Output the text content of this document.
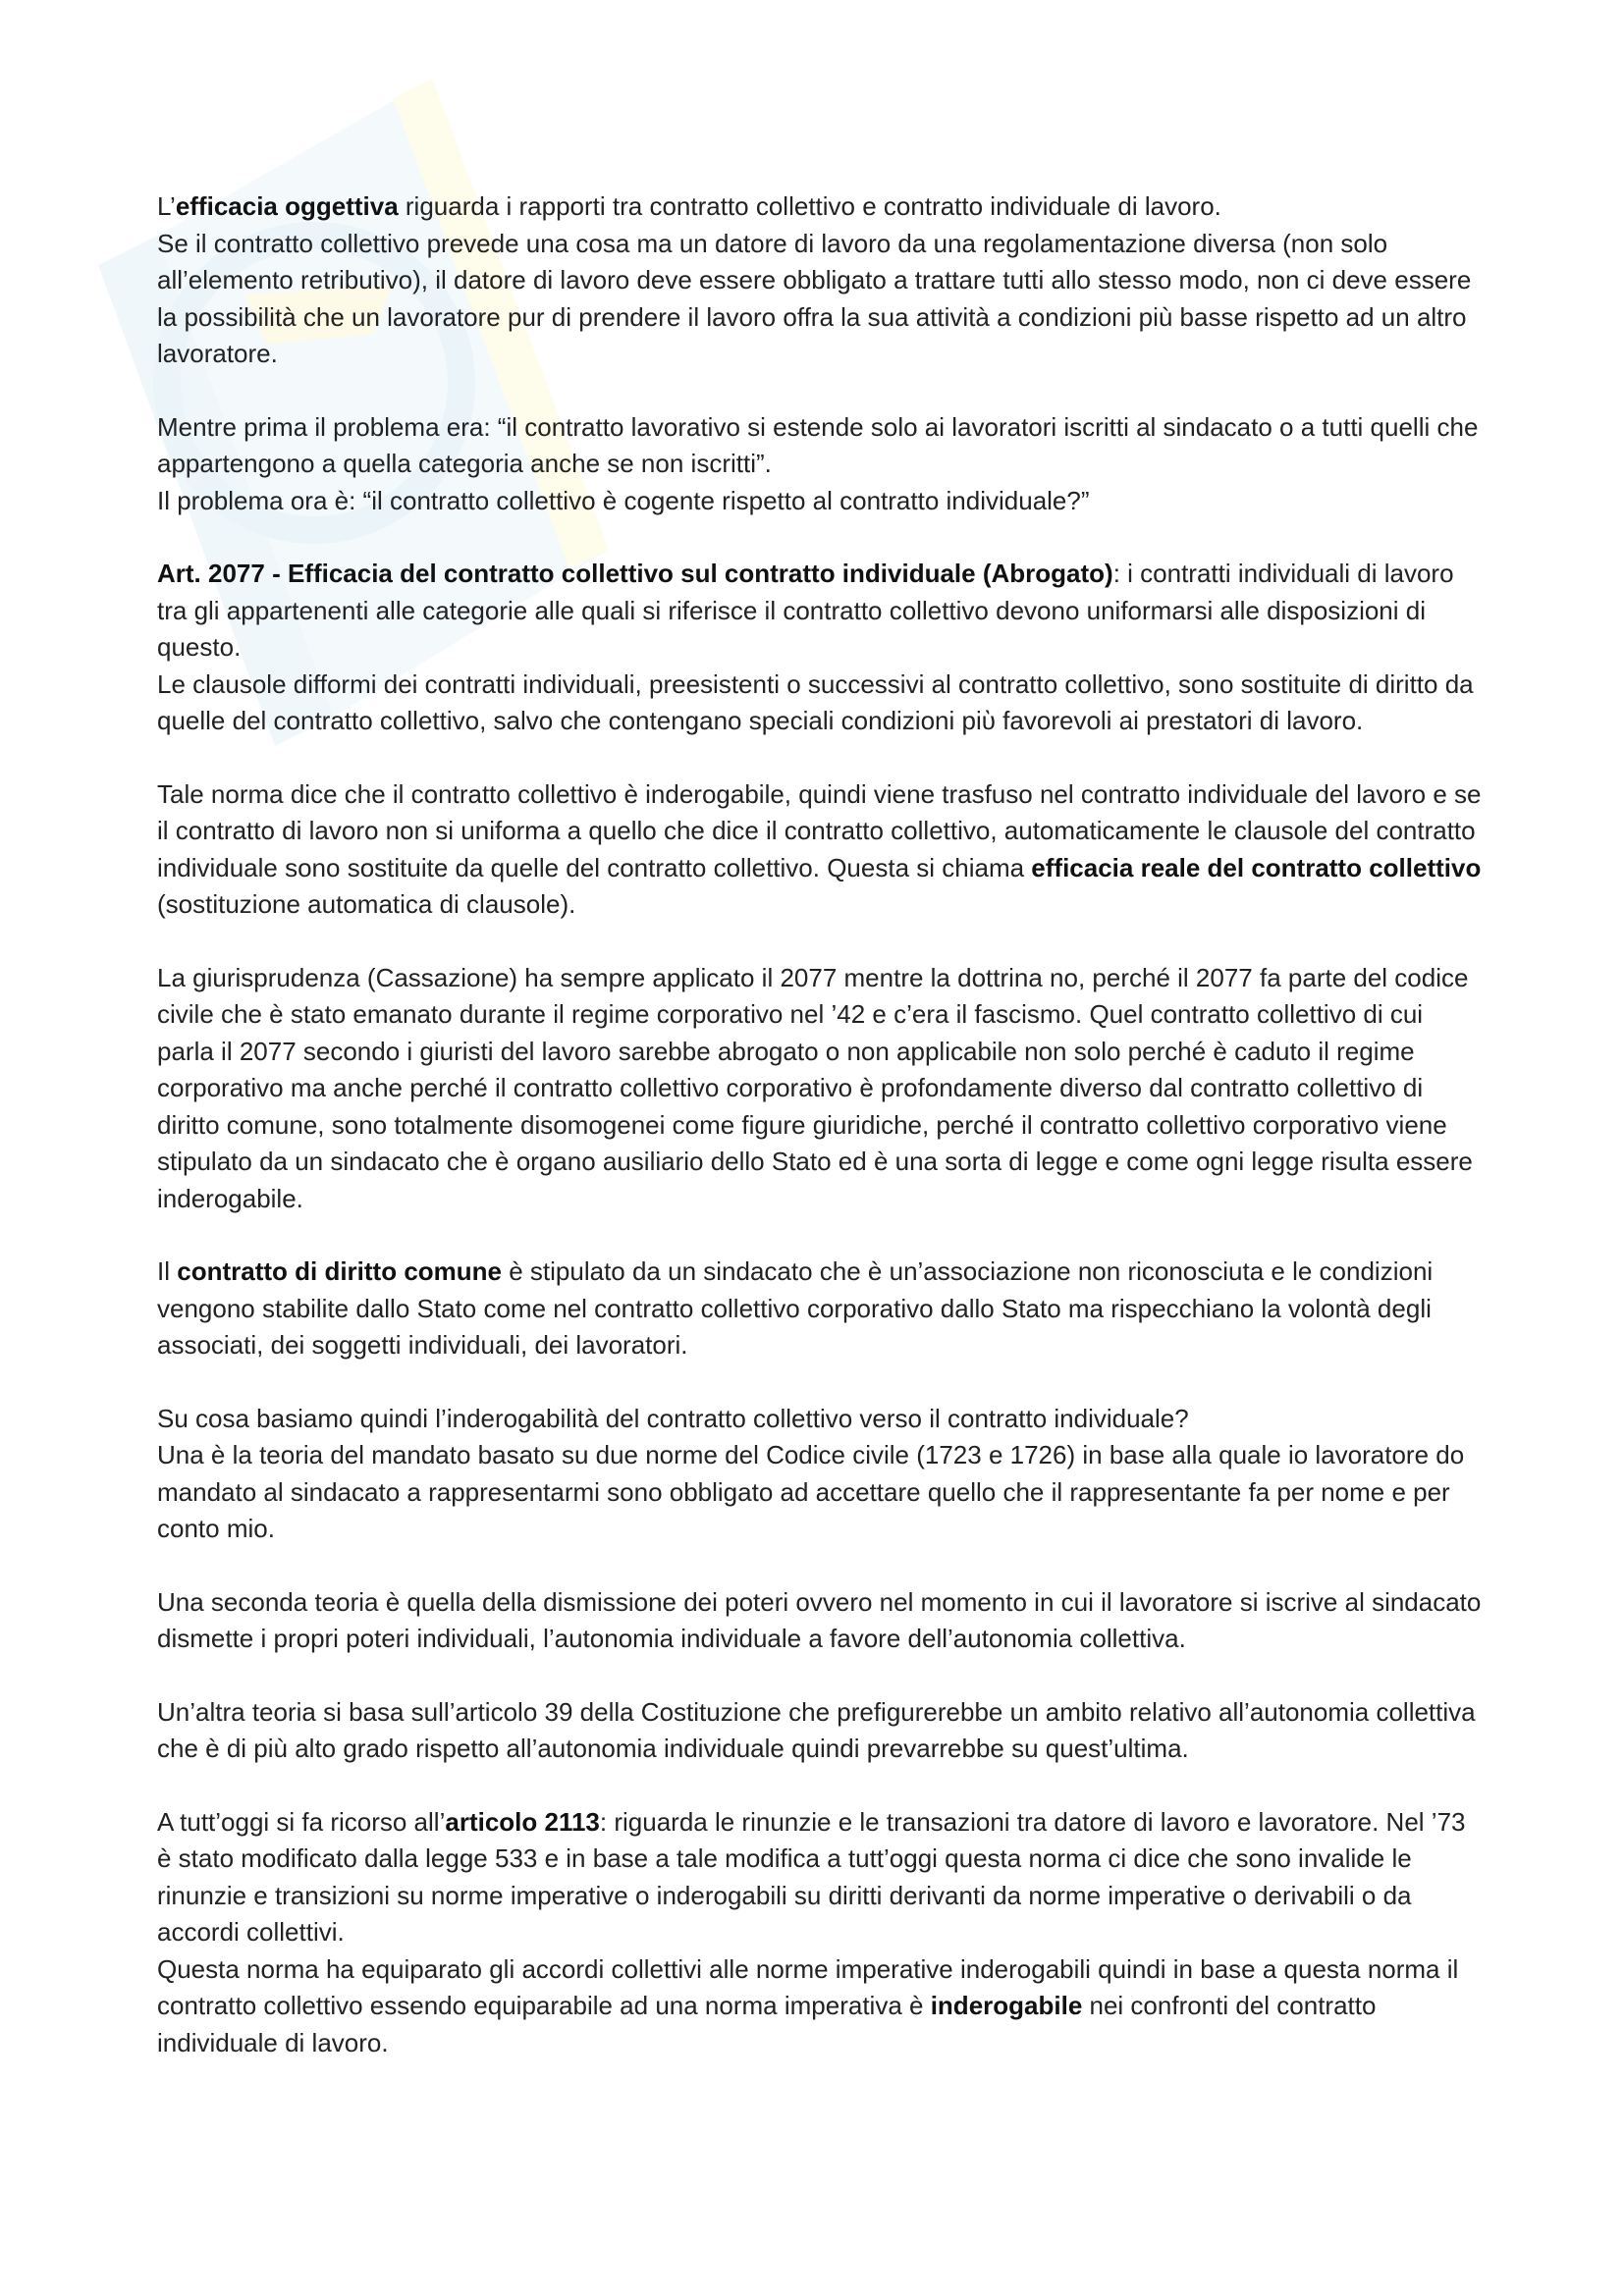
L’efficacia oggettiva riguarda i rapporti tra contratto collettivo e contratto individuale di lavoro.
Se il contratto collettivo prevede una cosa ma un datore di lavoro da una regolamentazione diversa (non solo all’elemento retributivo), il datore di lavoro deve essere obbligato a trattare tutti allo stesso modo, non ci deve essere la possibilità che un lavoratore pur di prendere il lavoro offra la sua attività a condizioni più basse rispetto ad un altro lavoratore.

Mentre prima il problema era: “il contratto lavorativo si estende solo ai lavoratori iscritti al sindacato o a tutti quelli che appartengono a quella categoria anche se non iscritti”.
Il problema ora è: “il contratto collettivo è cogente rispetto al contratto individuale?”

Art. 2077 - Efficacia del contratto collettivo sul contratto individuale (Abrogato): i contratti individuali di lavoro tra gli appartenenti alle categorie alle quali si riferisce il contratto collettivo devono uniformarsi alle disposizioni di questo.
Le clausole difformi dei contratti individuali, preesistenti o successivi al contratto collettivo, sono sostituite di diritto da quelle del contratto collettivo, salvo che contengano speciali condizioni piὺ favorevoli ai prestatori di lavoro.

Tale norma dice che il contratto collettivo è inderogabile, quindi viene trasfuso nel contratto individuale del lavoro e se il contratto di lavoro non si uniforma a quello che dice il contratto collettivo, automaticamente le clausole del contratto individuale sono sostituite da quelle del contratto collettivo. Questa si chiama efficacia reale del contratto collettivo (sostituzione automatica di clausole).

La giurisprudenza (Cassazione) ha sempre applicato il 2077 mentre la dottrina no, perché il 2077 fa parte del codice civile che è stato emanato durante il regime corporativo nel ’42 e c’era il fascismo. Quel contratto collettivo di cui parla il 2077 secondo i giuristi del lavoro sarebbe abrogato o non applicabile non solo perché è caduto il regime corporativo ma anche perché il contratto collettivo corporativo è profondamente diverso dal contratto collettivo di diritto comune, sono totalmente disomogenei come figure giuridiche, perché il contratto collettivo corporativo viene stipulato da un sindacato che è organo ausiliario dello Stato ed è una sorta di legge e come ogni legge risulta essere inderogabile.

Il contratto di diritto comune è stipulato da un sindacato che è un’associazione non riconosciuta e le condizioni vengono stabilite dallo Stato come nel contratto collettivo corporativo dallo Stato ma rispecchiano la volontà degli associati, dei soggetti individuali, dei lavoratori.

Su cosa basiamo quindi l’inderogabilità del contratto collettivo verso il contratto individuale?
Una è la teoria del mandato basato su due norme del Codice civile (1723 e 1726) in base alla quale io lavoratore do mandato al sindacato a rappresentarmi sono obbligato ad accettare quello che il rappresentante fa per nome e per conto mio.

Una seconda teoria è quella della dismissione dei poteri ovvero nel momento in cui il lavoratore si iscrive al sindacato dismette i propri poteri individuali, l’autonomia individuale a favore dell’autonomia collettiva.

Un’altra teoria si basa sull’articolo 39 della Costituzione che prefigurerebbe un ambito relativo all’autonomia collettiva che è di più alto grado rispetto all’autonomia individuale quindi prevarrebbe su quest’ultima.

A tutt’oggi si fa ricorso all’articolo 2113: riguarda le rinunzie e le transazioni tra datore di lavoro e lavoratore. Nel ’73 è stato modificato dalla legge 533 e in base a tale modifica a tutt’oggi questa norma ci dice che sono invalide le rinunzie e transizioni su norme imperative o inderogabili su diritti derivanti da norme imperative o derivabili o da accordi collettivi.
Questa norma ha equiparato gli accordi collettivi alle norme imperative inderogabili quindi in base a questa norma il contratto collettivo essendo equiparabile ad una norma imperativa è inderogabile nei confronti del contratto individuale di lavoro.
